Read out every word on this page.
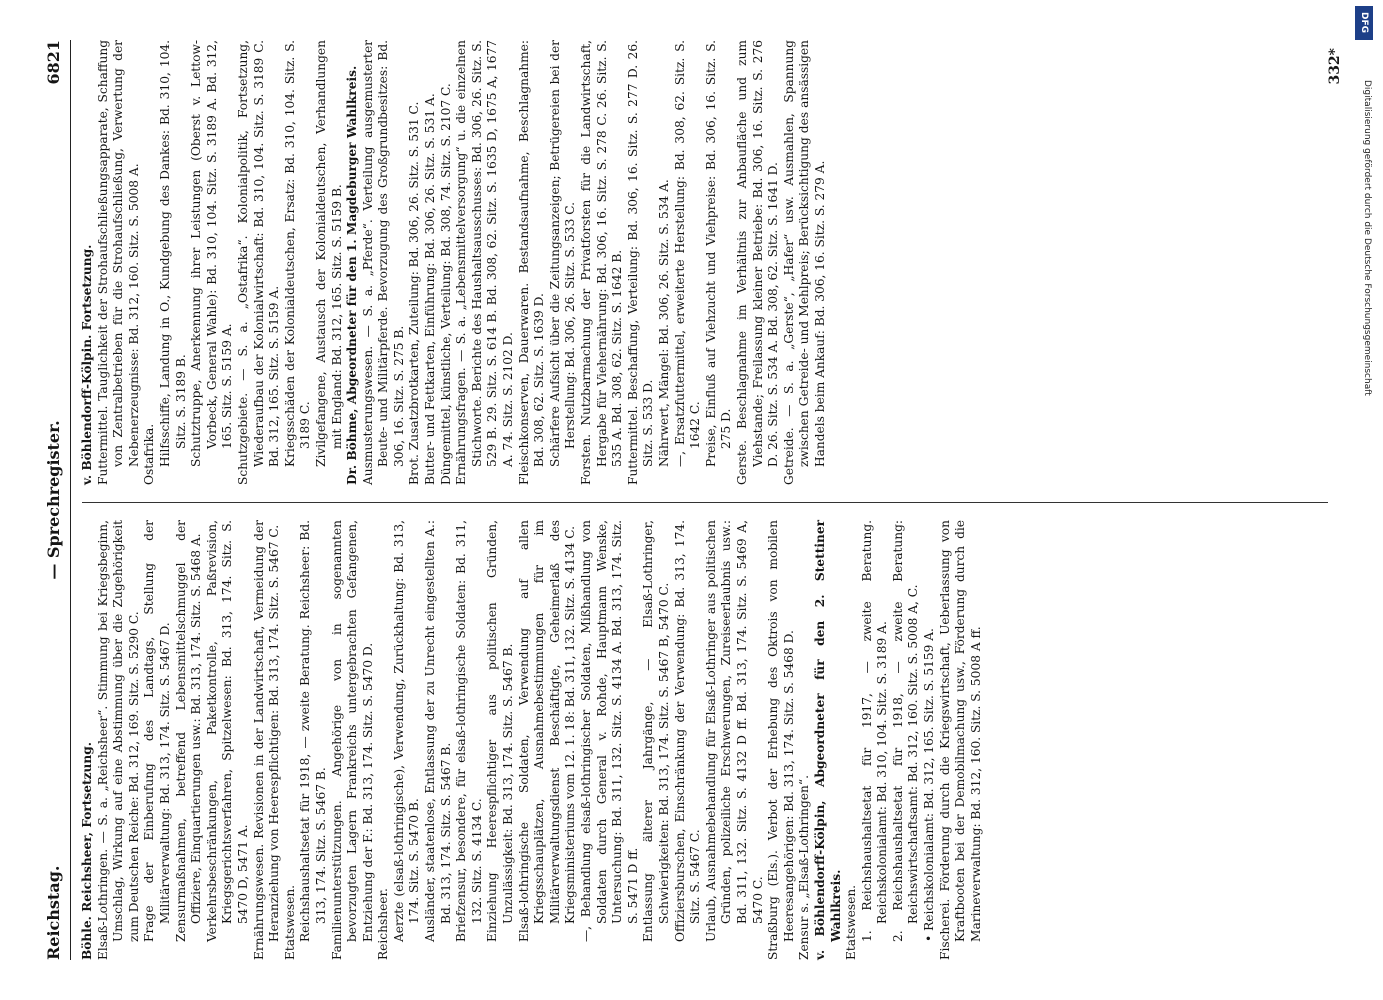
Reichstag.
— Sprechregister.
6821

Böhle. Reichsheer, Fortsetzung. Elsaß-Lothringen. — S. a. „Reichsheer“. Stimmung bei Kriegsbeginn, Umschlag, Wirkung auf eine Abstimmung über die Zugehörigkeit zum Deutschen Reiche: Bd. 312, 169. Sitz. S. 5290 C. Frage der Einberufung des Landtags, Stellung der Militärverwaltung: Bd. 313, 174. Sitz. S. 5467 D. Zensurmaßnahmen, betreffend Lebensmittelschmuggel der Offiziere, Einquartierungen usw.: Bd. 313, 174. Sitz. S. 5468 A. Verkehrsbeschränkungen, Paketkontrolle, Paßrevision, Kriegsgerichtsverfahren, Spitzelwesen: Bd. 313, 174. Sitz. S. 5470 D, 5471 A. Ernährungswesen. Revisionen in der Landwirtschaft, Vermeidung der Heranziehung von Heerespflichtigen: Bd. 313, 174. Sitz. S. 5467 C. Etatswesen. Reichshaushaltsetat für 1918, — zweite Beratung. Reichsheer: Bd. 313, 174. Sitz. S. 5467 B. Familienunterstützungen. Angehörige von in sogenannten bevorzugten Lagern Frankreichs untergebrachten Gefangenen, Entziehung der F.: Bd. 313, 174. Sitz. S. 5470 D. Reichsheer. Aerzte (elsaß-lothringische), Verwendung, Zurückhaltung: Bd. 313, 174. Sitz. S. 5470 B. Ausländer, staatenlose, Entlassung der zu Unrecht eingestellten A.: Bd. 313, 174. Sitz. S. 5467 B. Briefzensur, besondere, für elsaß-lothringische Soldaten: Bd. 311, 132. Sitz. S. 4134 C. Einziehung Heerespflichtiger aus politischen Gründen, Unzulässigkeit: Bd. 313, 174. Sitz. S. 5467 B. Elsaß-lothringische Soldaten, Verwendung auf allen Kriegsschauplätzen, Ausnahmebestimmungen für im Militärverwaltungsdienst Beschäftigte, Geheimerlaß des Kriegsministeriums vom 12. 1. 18: Bd. 311, 132. Sitz. S. 4134 C. —, Behandlung elsaß-lothringischer Soldaten, Mißhandlung von Soldaten durch General v. Rohde, Hauptmann Wenske, Untersuchung: Bd. 311, 132. Sitz. S. 4134 A. Bd. 313, 174. Sitz. S. 5471 D ff. Entlassung älterer Jahrgänge, — Elsaß-Lothringer, Schwierigkeiten: Bd. 313, 174. Sitz. S. 5467 B, 5470 C. Offiziersburschen, Einschränkung der Verwendung: Bd. 313, 174. Sitz. S. 5467 C. Urlaub, Ausnahmebehandlung für Elsaß-Lothringer aus politischen Gründen, polizeiliche Erschwerungen, Zureiseerlaubnis usw.: Bd. 311, 132. Sitz. S. 4132 D ff. Bd. 313, 174. Sitz. S. 5469 A, 5470 C. Straßburg (Els.). Verbot der Erhebung des Oktrois von mobilen Heeresangehörigen: Bd. 313, 174. Sitz. S. 5468 D. Zensur s. „Elsaß-Lothringen“. v. Böhlendorff-Kölpin, Abgeordneter für den 2. Stettiner Wahlkreis. Etatswesen. 1. Reichshaushaltsetat für 1917, — zweite Beratung. Reichskolonialamt: Bd. 310, 104. Sitz. S. 3189 A. 2. Reichshaushaltsetat für 1918, — zweite Beratung: Reichswirtschaftsamt: Bd. 312, 160. Sitz. S. 5008 A, C. • Reichskolonialamt: Bd. 312, 165. Sitz. S. 5159 A. Fischerei. Förderung durch die Kriegswirtschaft, Ueberlassung von Kraftbooten bei der Demobilmachung usw., Förderung durch die Marineverwaltung: Bd. 312, 160. Sitz. S. 5008 A ff.

v. Böhlendorff-Kölpin. Fortsetzung. Futtermittel. Tauglichkeit der Strohaufschließungsapparate, Schaffung von Zentralbetrieben für die Strohaufschließung, Verwertung der Nebenerzeugnisse: Bd. 312, 160. Sitz. S. 5008 A. Ostafrika. Hilfsschiffe, Landung in O., Kundgebung des Dankes: Bd. 310, 104. Sitz. S. 3189 B. Schutztruppe, Anerkennung ihrer Leistungen (Oberst v. Lettow-Vorbeck, General Wahle): Bd. 310, 104. Sitz. S. 3189 A. Bd. 312, 165. Sitz. S. 5159 A. Schutzgebiete. — S. a. „Ostafrika“. Kolonialpolitik, Fortsetzung, Wiederaufbau der Kolonialwirtschaft: Bd. 310, 104. Sitz. S. 3189 C. Bd. 312, 165. Sitz. S. 5159 A. Kriegsschäden der Kolonialdeutschen, Ersatz: Bd. 310, 104. Sitz. S. 3189 C. Zivilgefangene, Austausch der Kolonialdeutschen, Verhandlungen mit England: Bd. 312, 165. Sitz. S. 5159 B. Dr. Böhme, Abgeordneter für den 1. Magdeburger Wahlkreis. Ausmusterungswesen. — S. a. „Pferde“. Verteilung ausgemusterter Beute- und Militärpferde. Bevorzugung des Großgrundbesitzes: Bd. 306, 16. Sitz. S. 275 B. Brot. Zusatzbrotkarten, Zuteilung: Bd. 306, 26. Sitz. S. 531 C. Butter- und Fettkarten, Einführung: Bd. 306, 26. Sitz. S. 531 A. Düngemittel, künstliche, Verteilung: Bd. 308, 74. Sitz. S. 2107 C. Ernährungsfragen. — S. a. „Lebensmittelversorgung“ u. die einzelnen Stichworte. Berichte des Haushaltsausschusses: Bd. 306, 26. Sitz. S. 529 B. 29. Sitz. S. 614 B. Bd. 308, 62. Sitz. S. 1635 D, 1675 A, 1677 A. 74. Sitz. S. 2102 D. Fleischkonserven, Dauerwaren. Bestandsaufnahme, Beschlagnahme: Bd. 308, 62. Sitz. S. 1639 D. Schärfere Aufsicht über die Zeitungsanzeigen; Betrügereien bei der Herstellung: Bd. 306, 26. Sitz. S. 533 C. Forsten. Nutzbarmachung der Privatforsten für die Landwirtschaft, Hergabe für Viehernährung: Bd. 306, 16. Sitz. S. 278 C. 26. Sitz. S. 535 A. Bd. 308, 62. Sitz. S. 1642 B. Futtermittel. Beschaffung, Verteilung: Bd. 306, 16. Sitz. S. 277 D. 26. Sitz. S. 533 D. Nährwert, Mängel: Bd. 306, 26. Sitz. S. 534 A. —, Ersatzfuttermittel, erweiterte Herstellung: Bd. 308, 62. Sitz. S. 1642 C. Preise, Einfluß auf Viehzucht und Viehpreise: Bd. 306, 16. Sitz. S. 275 D. Gerste. Beschlagnahme im Verhältnis zur Anbaufläche und zum Viehstande; Freilassung kleiner Betriebe: Bd. 306, 16. Sitz. S. 276 D. 26. Sitz. S. 534 A. Bd. 308, 62. Sitz. S. 1641 D. Getreide. — S. a. „Gerste“, „Hafer“ usw. Ausmahlen, Spannung zwischen Getreide- und Mehlpreis; Berücksichtigung des ansässigen Handels beim Ankauf: Bd. 306, 16. Sitz. S. 279 A.

332*
DFG
Digitalisierung gefördert durch die Deutsche Forschungsgemeinschaft
